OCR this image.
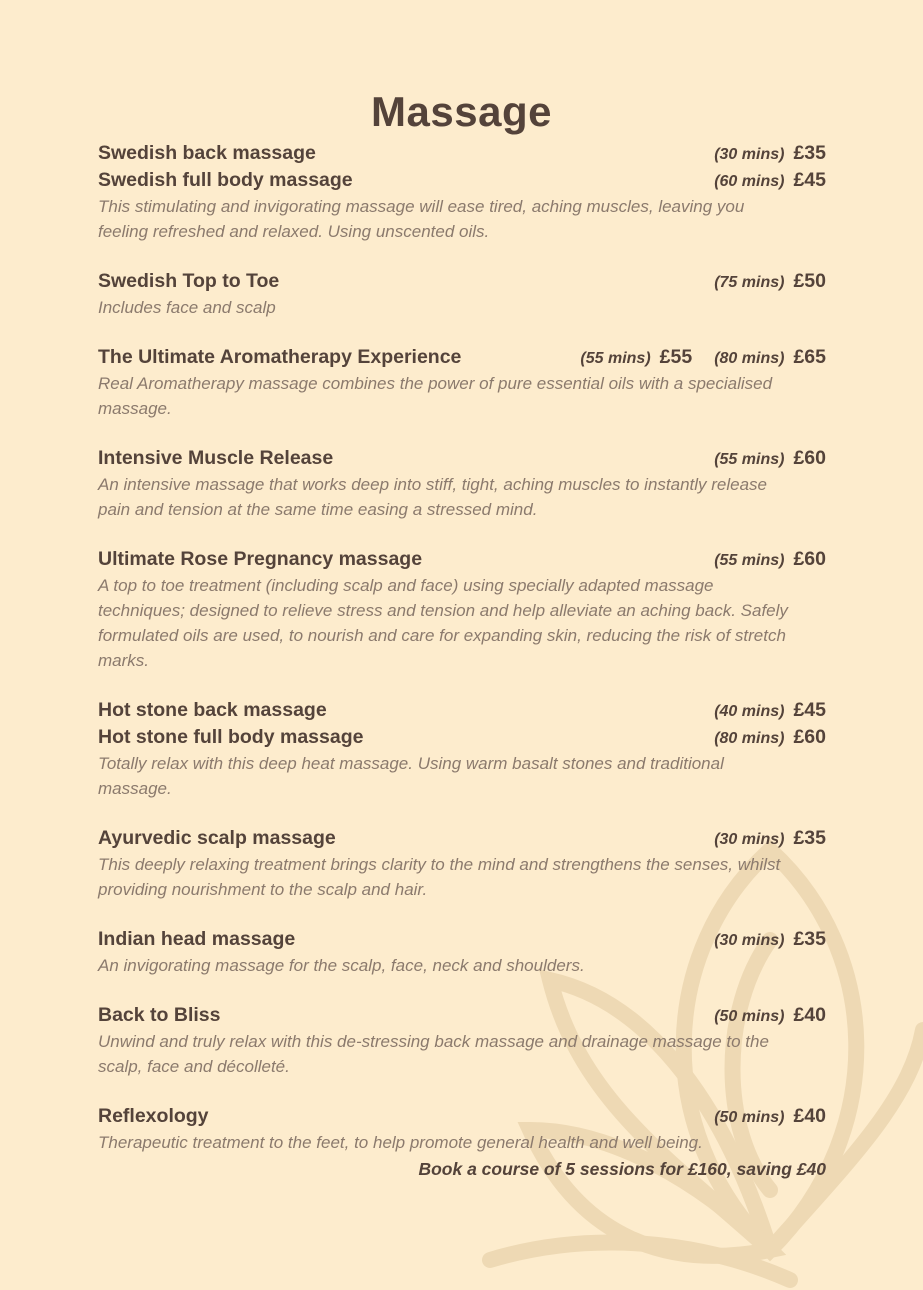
Massage
Swedish back massage	(30 mins) £35
Swedish full body massage	(60 mins) £45

This stimulating and invigorating massage will ease tired, aching muscles, leaving you feeling refreshed and relaxed. Using unscented oils.

Swedish Top to Toe	(75 mins) £50

Includes face and scalp

The Ultimate Aromatherapy Experience	(55 mins) £55 (80 mins) £65

Real Aromatherapy massage combines the power of pure essential oils with a specialised massage.

Intensive Muscle Release	(55 mins) £60

An intensive massage that works deep into stiff, tight, aching muscles to instantly release pain and tension at the same time easing a stressed mind.

Ultimate Rose Pregnancy massage	(55 mins) £60

A top to toe treatment (including scalp and face) using specially adapted massage techniques; designed to relieve stress and tension and help alleviate an aching back. Safely formulated oils are used, to nourish and care for expanding skin, reducing the risk of stretch marks.

Hot stone back massage	(40 mins) £45
Hot stone full body massage	(80 mins) £60

Totally relax with this deep heat massage. Using warm basalt stones and traditional massage.

Ayurvedic scalp massage	(30 mins) £35

This deeply relaxing treatment brings clarity to the mind and strengthens the senses, whilst providing nourishment to the scalp and hair.

Indian head massage	(30 mins) £35

An invigorating massage for the scalp, face, neck and shoulders.

Back to Bliss	(50 mins) £40

Unwind and truly relax with this de-stressing back massage and drainage massage to the scalp, face and décolleté.

Reflexology	(50 mins) £40

Therapeutic treatment to the feet, to help promote general health and well being.

Book a course of 5 sessions for £160, saving £40
